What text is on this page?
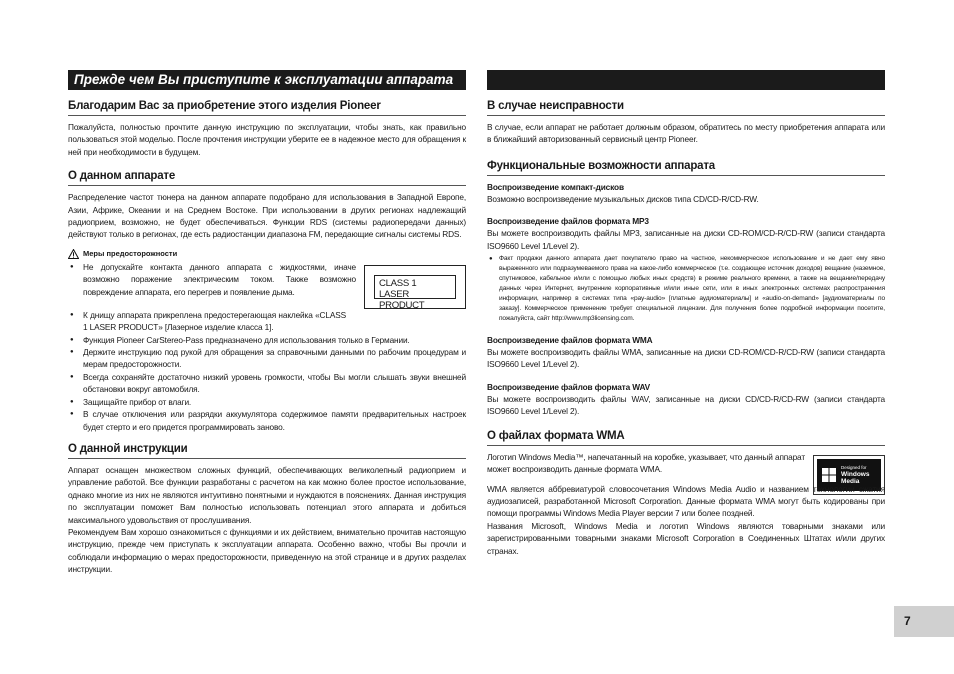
Прежде чем Вы приступите к эксплуатации аппарата
Благодарим Вас за приобретение этого изделия Pioneer

Пожалуйста, полностью прочтите данную инструкцию по эксплуатации, чтобы знать, как правильно пользоваться этой моделью. После прочтения инструкции уберите ее в надежное место для обращения к ней при необходимости в будущем.

О данном аппарате

Распределение частот тюнера на данном аппарате подобрано для использования в Западной Европе, Азии, Африке, Океании и на Среднем Востоке. При использовании в других регионах надлежащий радиоприем, возможно, не будет обеспечиваться. Функции RDS (системы радиопередачи данных) действуют только в регионах, где есть радиостанции диапазона FM, передающие сигналы системы RDS.

Меры предосторожности
● Не допускайте контакта данного аппарата с жидкостями, иначе возможно поражение электрическим током. Также возможно повреждение аппарата, его перегрев и появление дыма.
CLASS 1
LASER PRODUCT
● К днищу аппарата прикреплена предостерегающая наклейка «CLASS 1 LASER PRODUCT» [Лазерное изделие класса 1].
● Функция Pioneer CarStereo-Pass предназначено для использования только в Германии.
● Держите инструкцию под рукой для обращения за справочными данными по рабочим процедурам и мерам предосторожности.
● Всегда сохраняйте достаточно низкий уровень громкости, чтобы Вы могли слышать звуки внешней обстановки вокруг автомобиля.
● Защищайте прибор от влаги.
● В случае отключения или разрядки аккумулятора содержимое памяти предварительных настроек будет стерто и его придется программировать заново.
О данной инструкции

Аппарат оснащен множеством сложных функций, обеспечивающих великолепный радиоприем и управление работой. Все функции разработаны с расчетом на как можно более простое использование, однако многие из них не являются интуитивно понятными и нуждаются в пояснениях. Данная инструкция по эксплуатации поможет Вам полностью использовать потенциал этого аппарата и добиться максимального удовольствия от прослушивания.

Рекомендуем Вам хорошо ознакомиться с функциями и их действием, внимательно прочитав настоящую инструкцию, прежде чем приступать к эксплуатации аппарата. Особенно важно, чтобы Вы прочли и соблюдали информацию о мерах предосторожности, приведенную на этой странице и в других разделах инструкции.

В случае неисправности

В случае, если аппарат не работает должным образом, обратитесь по месту приобретения аппарата или в ближайший авторизованный сервисный центр Pioneer.

Функциональные возможности аппарата
Воспроизведение компакт-дисков

Возможно воспроизведение музыкальных дисков типа CD/CD-R/CD-RW.

Воспроизведение файлов формата MP3

Вы можете воспроизводить файлы MP3, записанные на диски CD-ROM/CD-R/CD-RW (записи стандарта ISO9660 Level 1/Level 2).

● Факт продажи данного аппарата дает покупателю право на частное, некоммерческое использование и не дает ему явно выраженного или подразумеваемого права на какое-либо коммерческое (т.е. создающее источник доходов) вещание (наземное, спутниковое, кабельное и/или с помощью любых иных средств) в режиме реального времени, а также на вещание/передачу данных через Интернет, внутренние корпоративные и/или иные сети, или в иных электронных системах распространения информации, например в системах типа «pay-audio» [платные аудиоматериалы] и «audio-on-demand» [аудиоматериалы по заказу]. Коммерческое применение требует специальной лицензии. Для получения более подробной информации посетите, пожалуйста, сайт http://www.mp3licensing.com.
Воспроизведение файлов формата WMA

Вы можете воспроизводить файлы WMA, записанные на диски CD-ROM/CD-R/CD-RW (записи стандарта ISO9660 Level 1/Level 2).

Воспроизведение файлов формата WAV

Вы можете воспроизводить файлы WAV, записанные на диски CD/CD-R/CD-RW (записи стандарта ISO9660 Level 1/Level 2).

О файлах формата WMA

Логотип Windows Media™, напечатанный на коробке, указывает, что данный аппарат может воспроизводить данные формата WMA.	Designed for
Windows
Media

WMA является аббревиатурой словосочетания Windows Media Audio и названием технологии сжатия аудиозаписей, разработанной Microsoft Corporation. Данные формата WMA могут быть кодированы при помощи программы Windows Media Player версии 7 или более поздней.

Названия Microsoft, Windows Media и логотип Windows являются товарными знаками или зарегистрированными товарными знаками Microsoft Corporation в Соединенных Штатах и/или других странах.

7
